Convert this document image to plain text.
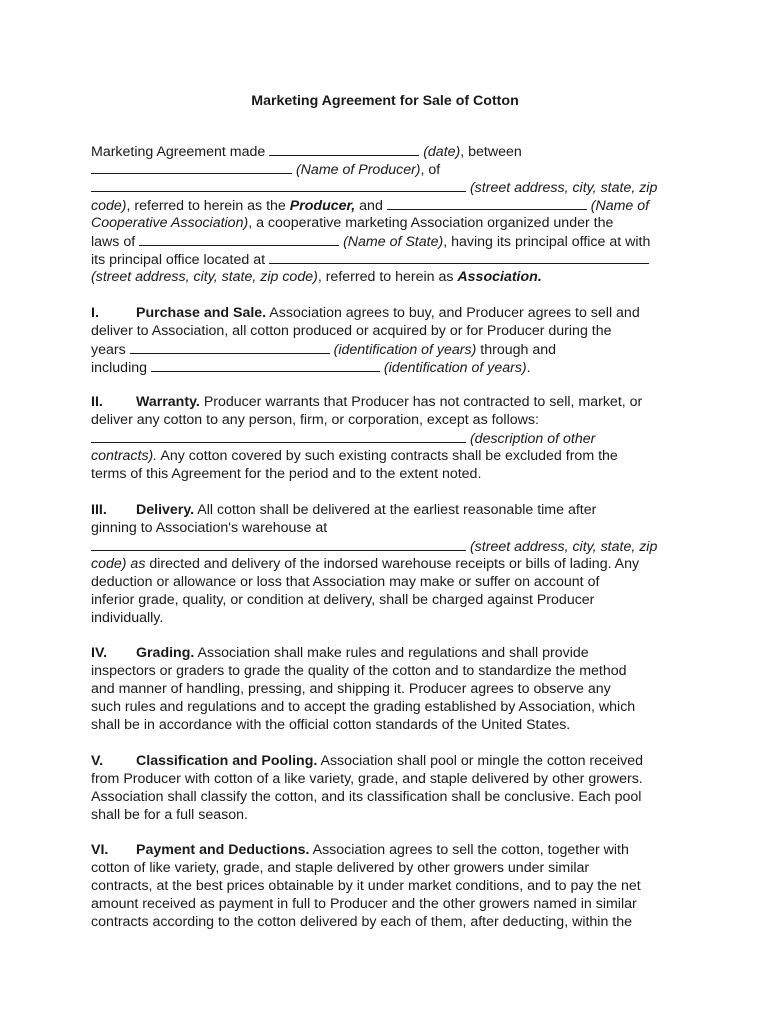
Marketing Agreement for Sale of Cotton
Marketing Agreement made	(date), between
(Name of Producer), of
(street address, city, state, zip
code), referred to herein as the Producer, and	(Name of
Cooperative Association), a cooperative marketing Association organized under the
laws of	(Name of State), having its principal office at with
its principal office located at
(street address, city, state, zip code), referred to herein as Association.
I.	Purchase and Sale. Association agrees to buy, and Producer agrees to sell and
deliver to Association, all cotton produced or acquired by or for Producer during the
years	(identification of years) through and
including	(identification of years).
II. Warranty. Producer warrants that Producer has not contracted to sell, market, or
deliver any cotton to any person, firm, or corporation, except as follows:
(description of other
contracts). Any cotton covered by such existing contracts shall be excluded from the
terms of this Agreement for the period and to the extent noted.
III. Delivery. All cotton shall be delivered at the earliest reasonable time after
ginning to Association's warehouse at
(street address, city, state, zip
code) as directed and delivery of the indorsed warehouse receipts or bills of lading. Any
deduction or allowance or loss that Association may make or suffer on account of
inferior grade, quality, or condition at delivery, shall be charged against Producer
individually.
IV. Grading. Association shall make rules and regulations and shall provide
inspectors or graders to grade the quality of the cotton and to standardize the method
and manner of handling, pressing, and shipping it. Producer agrees to observe any
such rules and regulations and to accept the grading established by Association, which
shall be in accordance with the official cotton standards of the United States.
V. Classification and Pooling. Association shall pool or mingle the cotton received
from Producer with cotton of a like variety, grade, and staple delivered by other growers.
Association shall classify the cotton, and its classification shall be conclusive. Each pool
shall be for a full season.
VI. Payment and Deductions. Association agrees to sell the cotton, together with
cotton of like variety, grade, and staple delivered by other growers under similar
contracts, at the best prices obtainable by it under market conditions, and to pay the net
amount received as payment in full to Producer and the other growers named in similar
contracts according to the cotton delivered by each of them, after deducting, within the
